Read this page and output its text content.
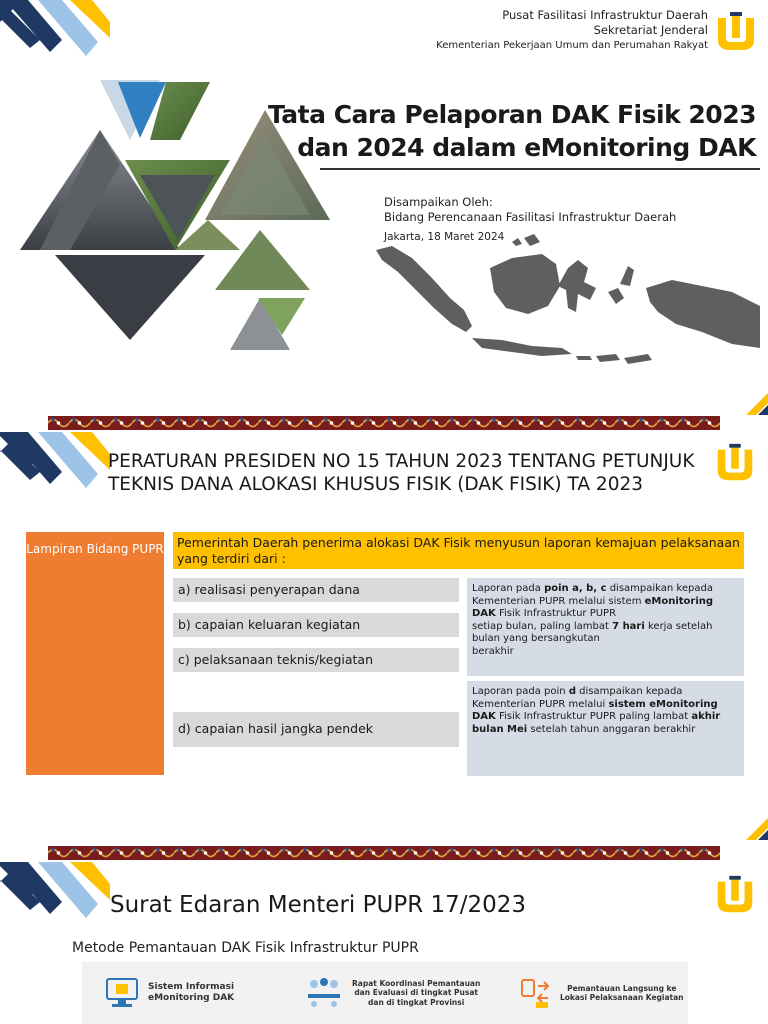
Pusat Fasilitasi Infrastruktur Daerah
Sekretariat Jenderal
Kementerian Pekerjaan Umum dan Perumahan Rakyat
Tata Cara Pelaporan DAK Fisik 2023
dan 2024 dalam eMonitoring DAK
Disampaikan Oleh:
Bidang Perencanaan Fasilitasi Infrastruktur Daerah
Jakarta, 18 Maret 2024
PERATURAN PRESIDEN NO 15 TAHUN 2023 TENTANG PETUNJUK TEKNIS DANA ALOKASI KHUSUS FISIK (DAK FISIK) TA 2023
Lampiran Bidang PUPR	Pemerintah Daerah penerima alokasi DAK Fisik menyusun laporan kemajuan pelaksanaan yang terdiri dari :
a) realisasi penyerapan dana
b) capaian keluaran kegiatan
c) pelaksanaan teknis/kegiatan
d) capaian hasil jangka pendek
Laporan pada poin a, b, c disampaikan kepada Kementerian PUPR melalui sistem eMonitoring DAK Fisik Infrastruktur PUPR
setiap bulan, paling lambat 7 hari kerja setelah bulan yang bersangkutan
berakhir
Laporan pada poin d disampaikan kepada Kementerian PUPR melalui sistem eMonitoring DAK Fisik Infrastruktur PUPR paling lambat akhir bulan Mei setelah tahun anggaran berakhir
Surat Edaran Menteri PUPR 17/2023
Metode Pemantauan DAK Fisik Infrastruktur PUPR
Sistem Informasi
eMonitoring DAK
Rapat Koordinasi Pemantauan
dan Evaluasi di tingkat Pusat
dan di tingkat Provinsi
Pemantauan Langsung ke
Lokasi Pelaksanaan Kegiatan
